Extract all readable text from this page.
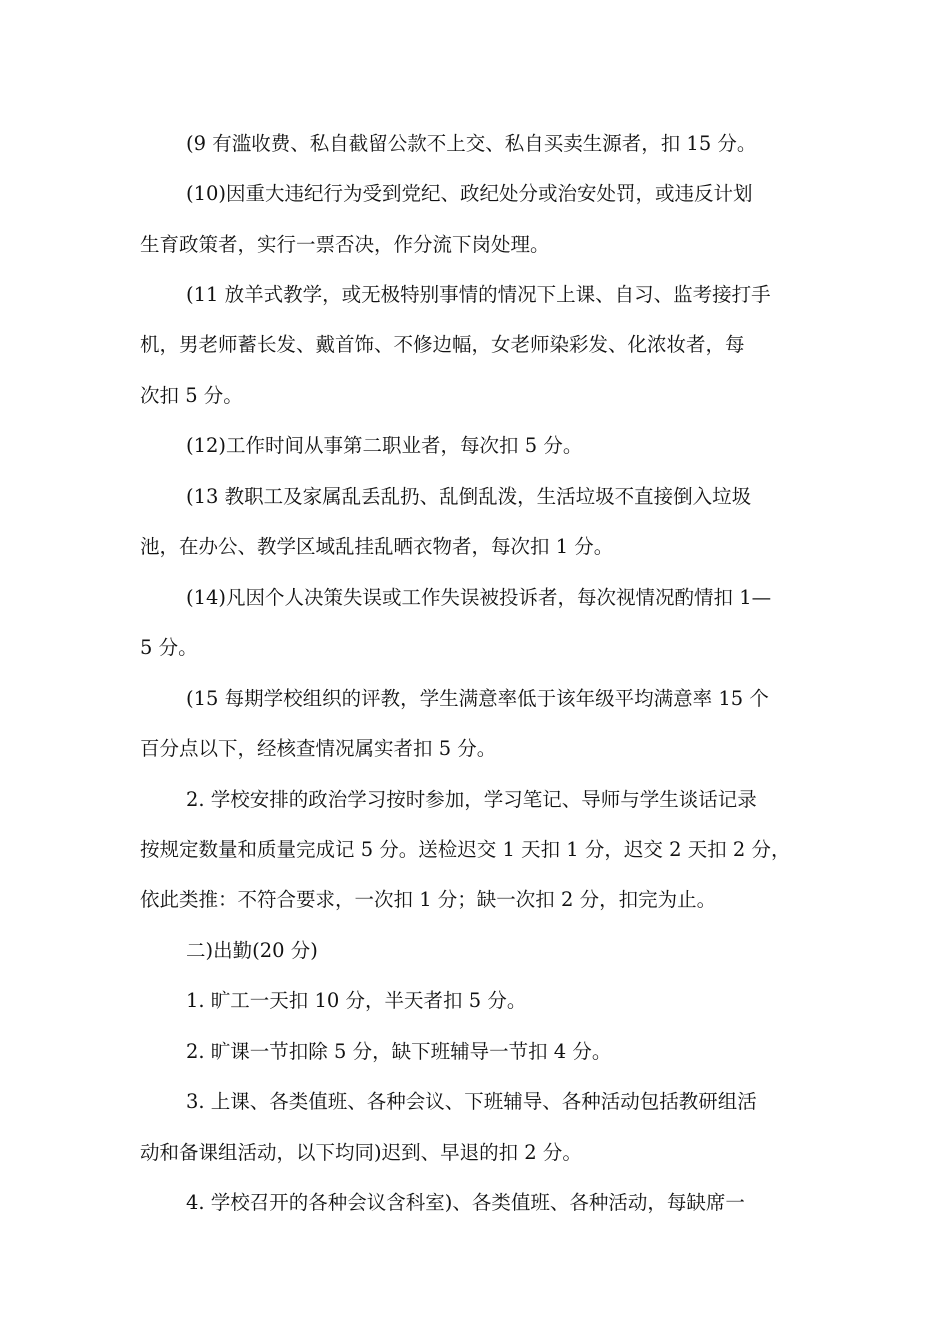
(9 有滥收费、私自截留公款不上交、私自买卖生源者，扣 15 分。
(10)因重大违纪行为受到党纪、政纪处分或治安处罚，或违反计划
生育政策者，实行一票否决，作分流下岗处理。
(11 放羊式教学，或无极特别事情的情况下上课、自习、监考接打手
机，男老师蓄长发、戴首饰、不修边幅，女老师染彩发、化浓妆者，每
次扣 5 分。
(12)工作时间从事第二职业者，每次扣 5 分。
(13 教职工及家属乱丢乱扔、乱倒乱泼，生活垃圾不直接倒入垃圾
池，在办公、教学区域乱挂乱晒衣物者，每次扣 1 分。
(14)凡因个人决策失误或工作失误被投诉者，每次视情况酌情扣 1—
5 分。
(15 每期学校组织的评教，学生满意率低于该年级平均满意率 15 个
百分点以下，经核查情况属实者扣 5 分。
2. 学校安排的政治学习按时参加，学习笔记、导师与学生谈话记录
按规定数量和质量完成记 5 分。送检迟交 1 天扣 1 分，迟交 2 天扣 2 分，
依此类推：不符合要求，一次扣 1 分；缺一次扣 2 分，扣完为止。
二)出勤(20 分)
1. 旷工一天扣 10 分，半天者扣 5 分。
2. 旷课一节扣除 5 分，缺下班辅导一节扣 4 分。
3. 上课、各类值班、各种会议、下班辅导、各种活动包括教研组活
动和备课组活动，以下均同)迟到、早退的扣 2 分。
4. 学校召开的各种会议含科室)、各类值班、各种活动，每缺席一
